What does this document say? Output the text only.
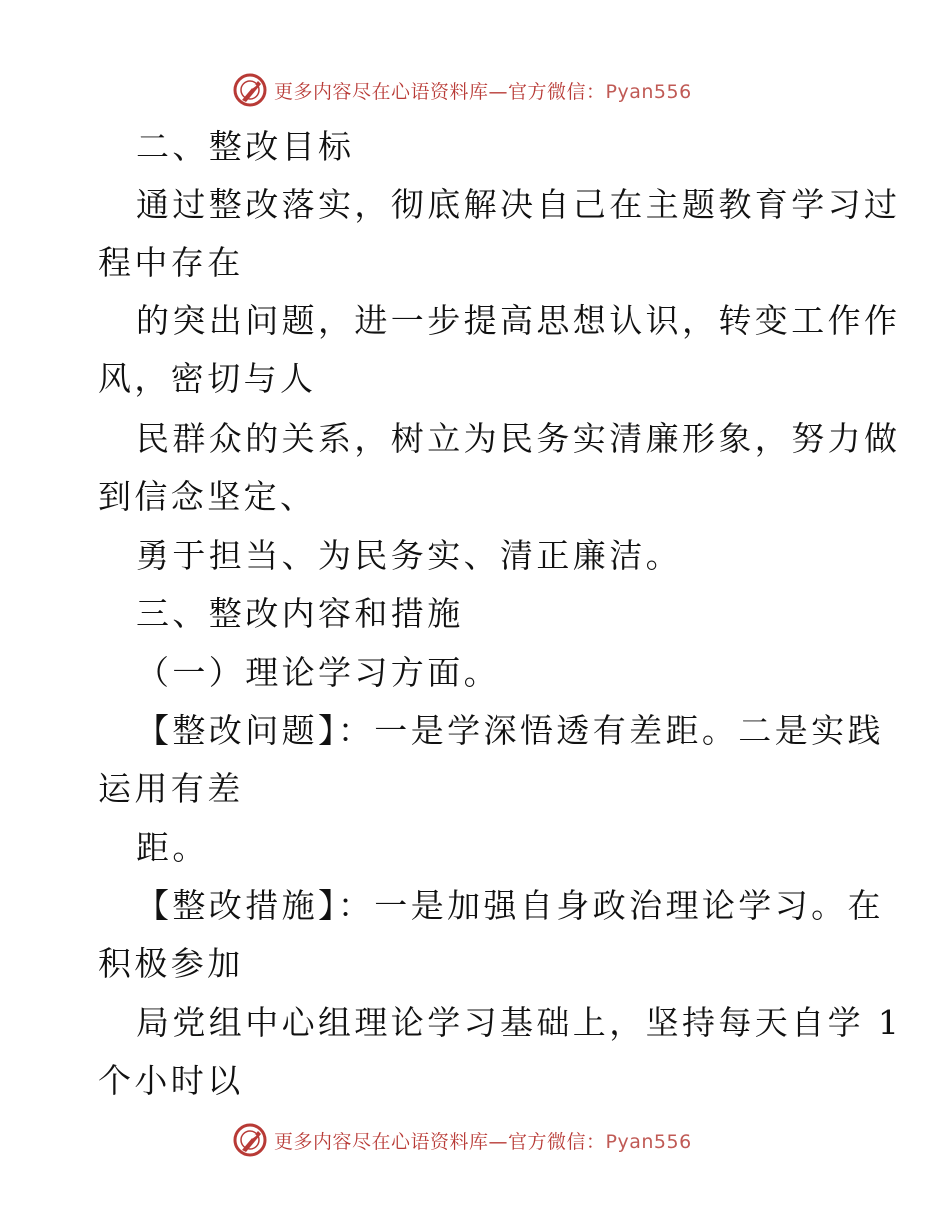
更多内容尽在心语资料库—官方微信：Pyan556
二、整改目标
通过整改落实，彻底解决自己在主题教育学习过
程中存在
的突出问题，进一步提高思想认识，转变工作作
风，密切与人
民群众的关系，树立为民务实清廉形象，努力做
到信念坚定、
勇于担当、为民务实、清正廉洁。
三、整改内容和措施
（一）理论学习方面。
【整改问题】：一是学深悟透有差距。二是实践
运用有差
距。
【整改措施】：一是加强自身政治理论学习。在
积极参加
局党组中心组理论学习基础上，坚持每天自学 1
个小时以
更多内容尽在心语资料库—官方微信：Pyan556
